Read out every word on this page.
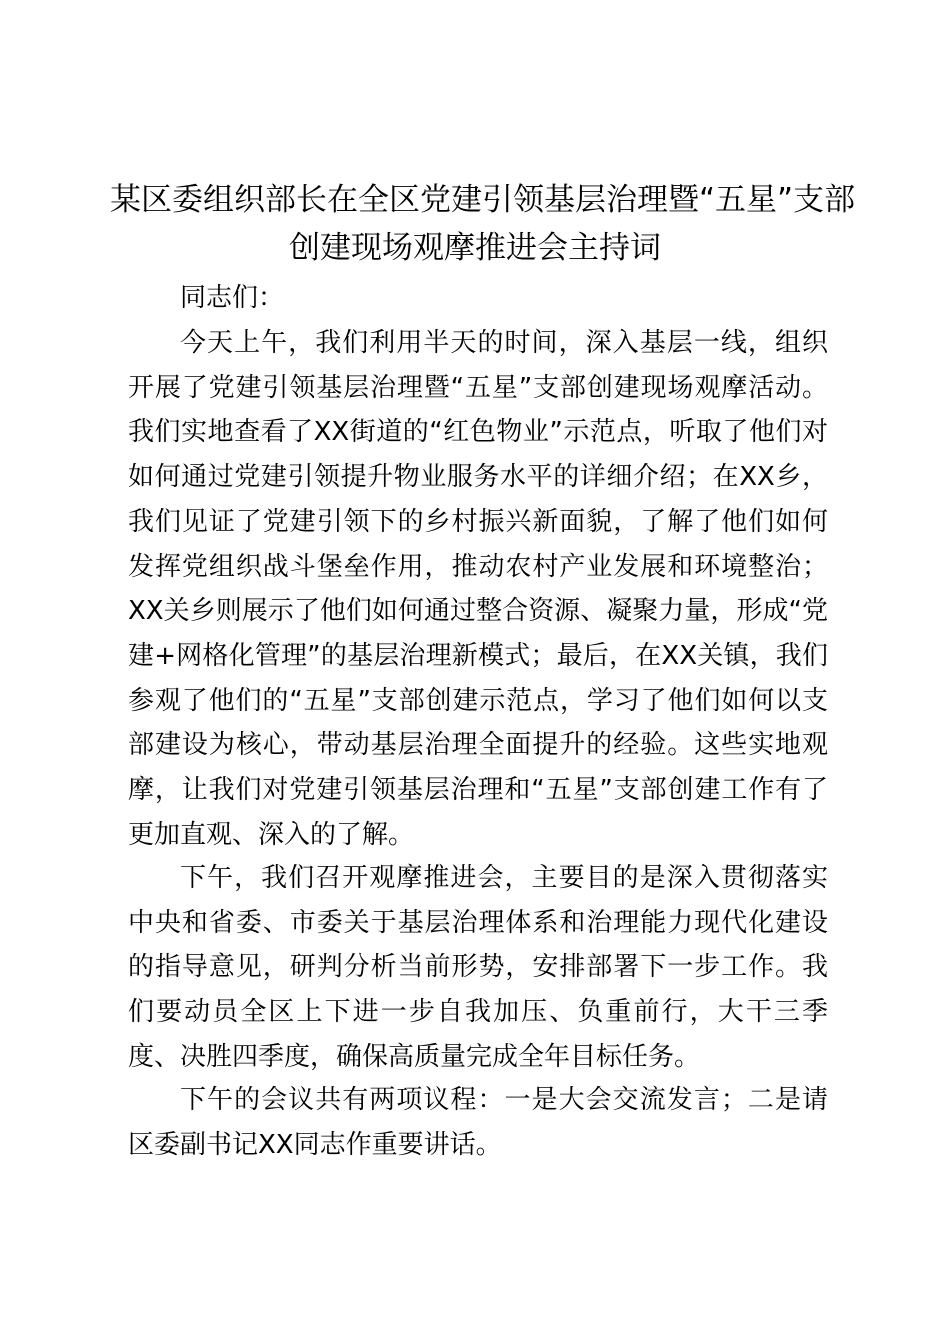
某区委组织部长在全区党建引领基层治理暨“五星”支部
创建现场观摩推进会主持词

同志们：

今天上午，我们利用半天的时间，深入基层一线，组织开展了党建引领基层治理暨“五星”支部创建现场观摩活动。我们实地查看了XX街道的“红色物业”示范点，听取了他们对如何通过党建引领提升物业服务水平的详细介绍；在XX乡，我们见证了党建引领下的乡村振兴新面貌，了解了他们如何发挥党组织战斗堡垒作用，推动农村产业发展和环境整治；XX关乡则展示了他们如何通过整合资源、凝聚力量，形成“党建+网格化管理”的基层治理新模式；最后，在XX关镇，我们参观了他们的“五星”支部创建示范点，学习了他们如何以支部建设为核心，带动基层治理全面提升的经验。这些实地观摩，让我们对党建引领基层治理和“五星”支部创建工作有了更加直观、深入的了解。

下午，我们召开观摩推进会，主要目的是深入贯彻落实中央和省委、市委关于基层治理体系和治理能力现代化建设的指导意见，研判分析当前形势，安排部署下一步工作。我们要动员全区上下进一步自我加压、负重前行，大干三季度、决胜四季度，确保高质量完成全年目标任务。

下午的会议共有两项议程：一是大会交流发言；二是请区委副书记XX同志作重要讲话。
